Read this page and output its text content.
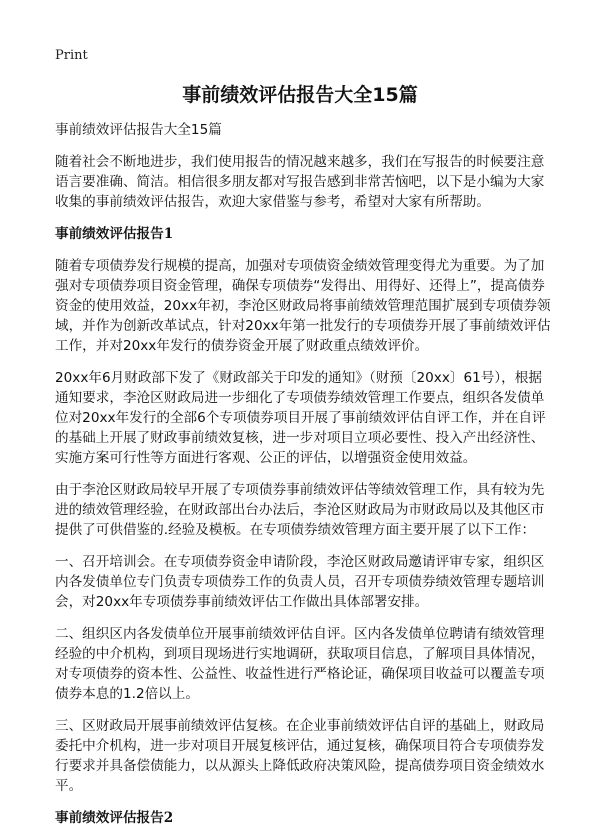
Print
事前绩效评估报告大全15篇
事前绩效评估报告大全15篇
随着社会不断地进步，我们使用报告的情况越来越多，我们在写报告的时候要注意
语言要准确、简洁。相信很多朋友都对写报告感到非常苦恼吧，以下是小编为大家
收集的事前绩效评估报告，欢迎大家借鉴与参考，希望对大家有所帮助。
事前绩效评估报告1
随着专项债券发行规模的提高，加强对专项债资金绩效管理变得尤为重要。为了加
强对专项债券项目资金管理，确保专项债券“发得出、用得好、还得上”，提高债券
资金的使用效益，20xx年初，李沧区财政局将事前绩效管理范围扩展到专项债券领
域，并作为创新改革试点，针对20xx年第一批发行的专项债券开展了事前绩效评估
工作，并对20xx年发行的债券资金开展了财政重点绩效评价。
20xx年6月财政部下发了《财政部关于印发的通知》（财预〔20xx〕61号），根据
通知要求，李沧区财政局进一步细化了专项债券绩效管理工作要点，组织各发债单
位对20xx年发行的全部6个专项债券项目开展了事前绩效评估自评工作，并在自评
的基础上开展了财政事前绩效复核，进一步对项目立项必要性、投入产出经济性、
实施方案可行性等方面进行客观、公正的评估，以增强资金使用效益。
由于李沧区财政局较早开展了专项债券事前绩效评估等绩效管理工作，具有较为先
进的绩效管理经验，在财政部出台办法后，李沧区财政局为市财政局以及其他区市
提供了可供借鉴的.经验及模板。在专项债券绩效管理方面主要开展了以下工作：
一、召开培训会。在专项债券资金申请阶段，李沧区财政局邀请评审专家，组织区
内各发债单位专门负责专项债券工作的负责人员，召开专项债券绩效管理专题培训
会，对20xx年专项债券事前绩效评估工作做出具体部署安排。
二、组织区内各发债单位开展事前绩效评估自评。区内各发债单位聘请有绩效管理
经验的中介机构，到项目现场进行实地调研，获取项目信息，了解项目具体情况，
对专项债券的资本性、公益性、收益性进行严格论证，确保项目收益可以覆盖专项
债券本息的1.2倍以上。
三、区财政局开展事前绩效评估复核。在企业事前绩效评估自评的基础上，财政局
委托中介机构，进一步对项目开展复核评估，通过复核，确保项目符合专项债券发
行要求并具备偿债能力，以从源头上降低政府决策风险，提高债券项目资金绩效水
平。
事前绩效评估报告2
